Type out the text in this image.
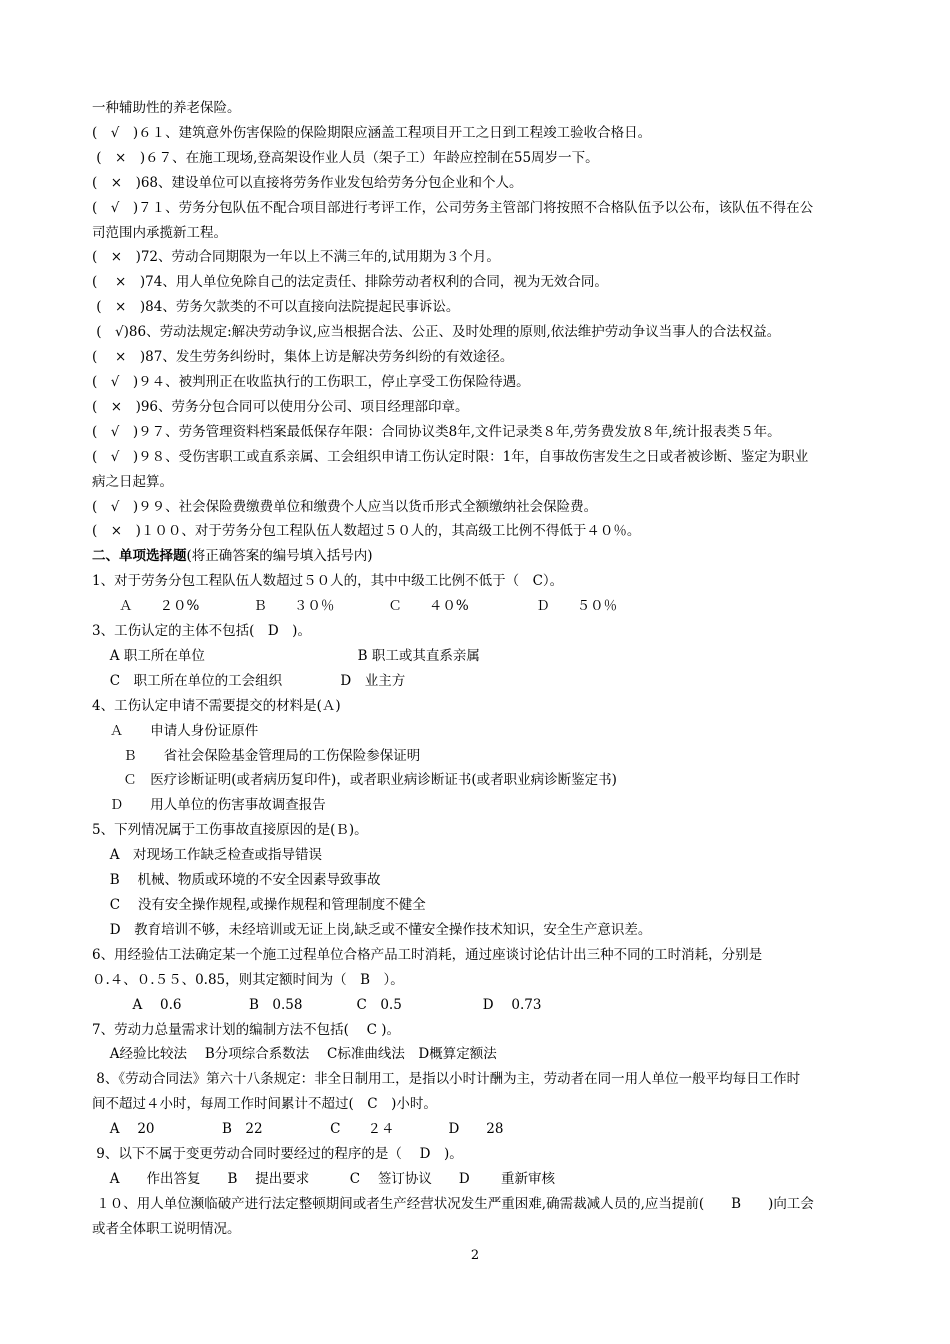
一种辅助性的养老保险。
(　√　)６１、建筑意外伤害保险的保险期限应涵盖工程项目开工之日到工程竣工验收合格日。
(　×　)６７、在施工现场,登高架设作业人员（架子工）年龄应控制在55周岁一下。
(　×　)68、建设单位可以直接将劳务作业发包给劳务分包企业和个人。
(　√　)７１、劳务分包队伍不配合项目部进行考评工作，公司劳务主管部门将按照不合格队伍予以公布，该队伍不得在公
司范围内承揽新工程。
(　×　)72、劳动合同期限为一年以上不满三年的,试用期为３个月。
(　 ×　)74、用人单位免除自己的法定责任、排除劳动者权利的合同，视为无效合同。
(　×　)84、劳务欠款类的不可以直接向法院提起民事诉讼。
(　√)86、劳动法规定:解决劳动争议,应当根据合法、公正、及时处理的原则,依法维护劳动争议当事人的合法权益。
(　 ×　)87、发生劳务纠纷时，集体上访是解决劳务纠纷的有效途径。
(　√　)９４、被判刑正在收监执行的工伤职工，停止享受工伤保险待遇。
(　×　)96、劳务分包合同可以使用分公司、项目经理部印章。
(　√　)９７、劳务管理资料档案最低保存年限：合同协议类8年,文件记录类８年,劳务费发放８年,统计报表类５年。
(　√　)９８、受伤害职工或直系亲属、工会组织申请工伤认定时限：1年，自事故伤害发生之日或者被诊断、鉴定为职业
病之日起算。
(　√　)９９、社会保险费缴费单位和缴费个人应当以货币形式全额缴纳社会保险费。
(　×　)１００、对于劳务分包工程队伍人数超过５０人的，其高级工比例不得低于４０％。
二、单项选择题(将正确答案的编号填入括号内)
1、对于劳务分包工程队伍人数超过５０人的，其中中级工比例不低于（　C）。
　　Ａ　　２０%　　　　Ｂ　　３０％　　　　Ｃ　　４０%　　　　　Ｄ　　５０％
3、工伤认定的主体不包括(　D　)。
　 A 职工所在单位　　　　　　　　　　　 B 职工或其直系亲属
　 C　职工所在单位的工会组织　　　　 D　业主方
4、工伤认定申请不需要提交的材料是(Ａ)
　 Ａ　　申请人身份证原件
　　 Ｂ　　省社会保险基金管理局的工伤保险参保证明
　　 Ｃ　医疗诊断证明(或者病历复印件)，或者职业病诊断证书(或者职业病诊断鉴定书)
　 Ｄ　　用人单位的伤害事故调查报告
5、下列情况属于工伤事故直接原因的是(Ｂ)。
　 A　对现场工作缺乏检查或指导错误
　 B　 机械、物质或环境的不安全因素导致事故
　 C　 没有安全操作规程,或操作规程和管理制度不健全
　 D　教育培训不够，未经培训或无证上岗,缺乏或不懂安全操作技术知识，安全生产意识差。
6、用经验估工法确定某一个施工过程单位合格产品工时消耗，通过座谈讨论估计出三种不同的工时消耗，分别是
０.４、０.５５、0.85，则其定额时间为（　B　）。
　　　A　 0.6　　　　　B　0.58　　　　C　0.5　　　　　　D　 0.73
7、劳动力总量需求计划的编制方法不包括(　 C )。
　 A经验比较法　 B分项综合系数法　 C标准曲线法　D概算定额法
8、《劳动合同法》第六十八条规定：非全日制用工，是指以小时计酬为主，劳动者在同一用人单位一般平均每日工作时
间不超过４小时，每周工作时间累计不超过(　C　)小时。
　 A　 20　　　　　B　22　　　　　C　　２４　　　　D　　28
9、以下不属于变更劳动合同时要经过的程序的是（　 D　)。
　 A　　作出答复　　B　 提出要求　　　C　 签订协议　　D　　 重新审核
１０、用人单位濒临破产进行法定整顿期间或者生产经营状况发生严重困难,确需裁减人员的,应当提前(　　B　　)向工会
或者全体职工说明情况。
2
